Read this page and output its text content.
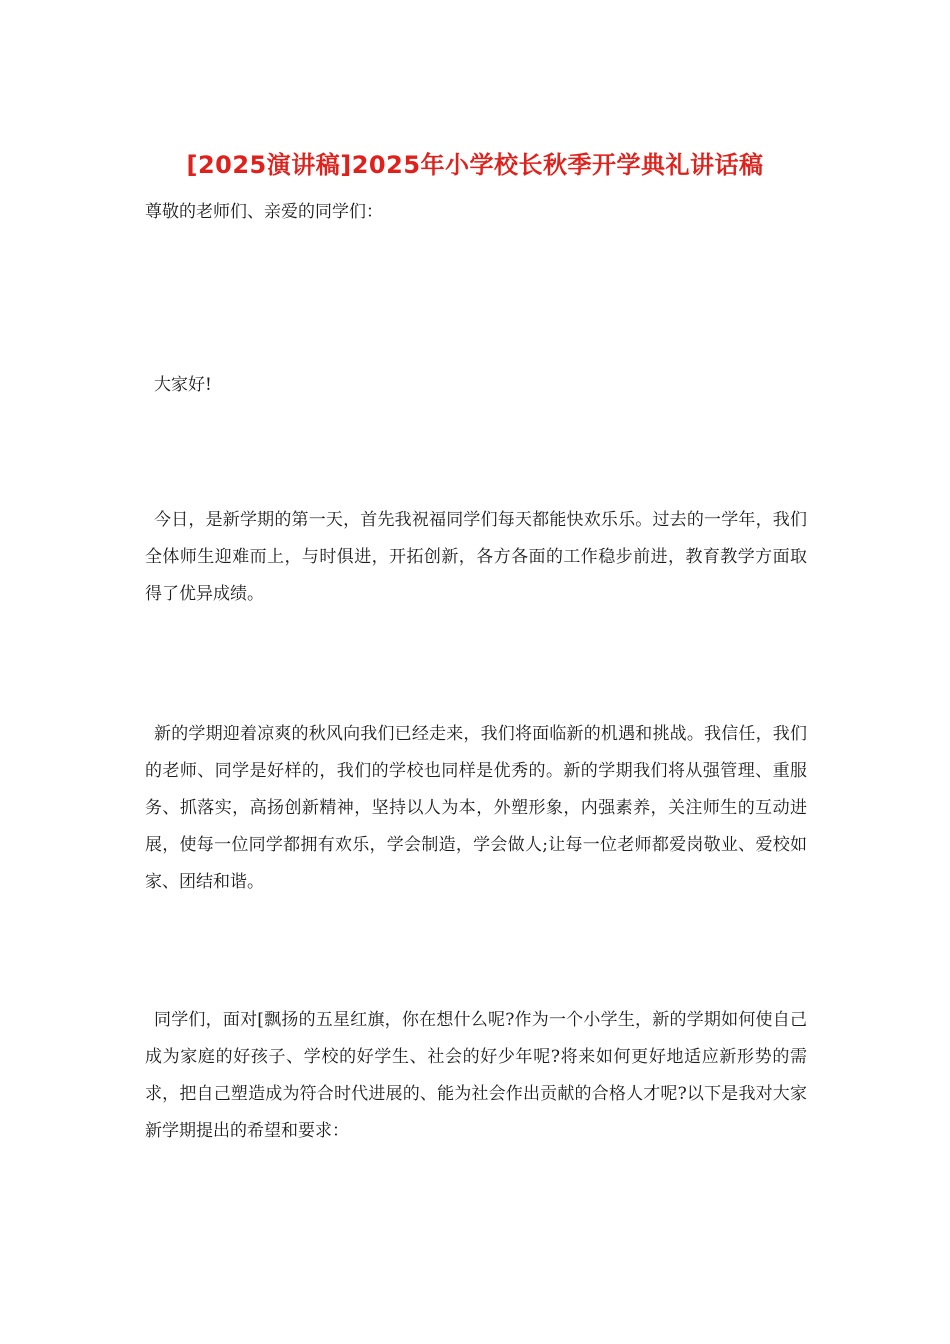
[2025演讲稿]2025年小学校长秋季开学典礼讲话稿
尊敬的老师们、亲爱的同学们：

大家好!

今日，是新学期的第一天，首先我祝福同学们每天都能快欢乐乐。过去的一学年，我们全体师生迎难而上，与时俱进，开拓创新，各方各面的工作稳步前进，教育教学方面取得了优异成绩。

新的学期迎着凉爽的秋风向我们已经走来，我们将面临新的机遇和挑战。我信任，我们的老师、同学是好样的，我们的学校也同样是优秀的。新的学期我们将从强管理、重服务、抓落实，高扬创新精神，坚持以人为本，外塑形象，内强素养，关注师生的互动进展，使每一位同学都拥有欢乐，学会制造，学会做人;让每一位老师都爱岗敬业、爱校如家、团结和谐。

同学们，面对[飘扬的五星红旗，你在想什么呢?作为一个小学生，新的学期如何使自己成为家庭的好孩子、学校的好学生、社会的好少年呢?将来如何更好地适应新形势的需求，把自己塑造成为符合时代进展的、能为社会作出贡献的合格人才呢?以下是我对大家新学期提出的希望和要求：
